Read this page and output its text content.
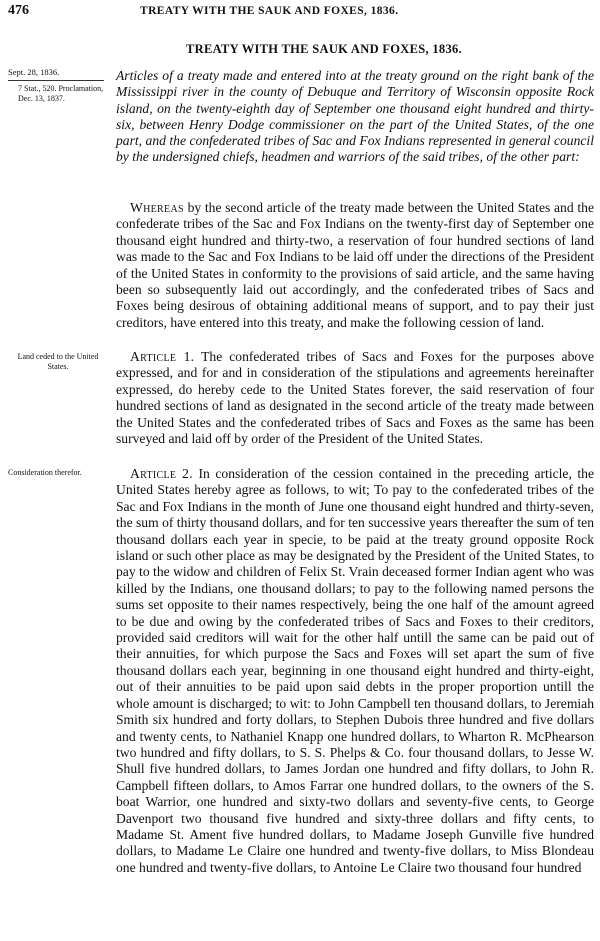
476	TREATY WITH THE SAUK AND FOXES, 1836.
TREATY WITH THE SAUK AND FOXES, 1836.
Sept. 28, 1836.
7 Stat., 520. Proclamation, Dec. 13, 1837.
Land ceded to the United States.
Consideration therefor.

Articles of a treaty made and entered into at the treaty ground on the right bank of the Mississippi river in the county of Debuque and Territory of Wisconsin opposite Rock island, on the twenty-eighth day of September one thousand eight hundred and thirty-six, between Henry Dodge commissioner on the part of the United States, of the one part, and the confederated tribes of Sac and Fox Indians represented in general council by the undersigned chiefs, headmen and warriors of the said tribes, of the other part:

Whereas by the second article of the treaty made between the United States and the confederate tribes of the Sac and Fox Indians on the twenty-first day of September one thousand eight hundred and thirty-two, a reservation of four hundred sections of land was made to the Sac and Fox Indians to be laid off under the directions of the President of the United States in conformity to the provisions of said article, and the same having been so subsequently laid out accordingly, and the confederated tribes of Sacs and Foxes being desirous of obtaining additional means of support, and to pay their just creditors, have entered into this treaty, and make the following cession of land.

Article 1. The confederated tribes of Sacs and Foxes for the purposes above expressed, and for and in consideration of the stipulations and agreements hereinafter expressed, do hereby cede to the United States forever, the said reservation of four hundred sections of land as designated in the second article of the treaty made between the United States and the confederated tribes of Sacs and Foxes as the same has been surveyed and laid off by order of the President of the United States.

Article 2. In consideration of the cession contained in the preceding article, the United States hereby agree as follows, to wit; To pay to the confederated tribes of the Sac and Fox Indians in the month of June one thousand eight hundred and thirty-seven, the sum of thirty thousand dollars, and for ten successive years thereafter the sum of ten thousand dollars each year in specie, to be paid at the treaty ground opposite Rock island or such other place as may be designated by the President of the United States, to pay to the widow and children of Felix St. Vrain deceased former Indian agent who was killed by the Indians, one thousand dollars; to pay to the following named persons the sums set opposite to their names respectively, being the one half of the amount agreed to be due and owing by the confederated tribes of Sacs and Foxes to their creditors, provided said creditors will wait for the other half untill the same can be paid out of their annuities, for which purpose the Sacs and Foxes will set apart the sum of five thousand dollars each year, beginning in one thousand eight hundred and thirty-eight, out of their annuities to be paid upon said debts in the proper proportion untill the whole amount is discharged; to wit: to John Campbell ten thousand dollars, to Jeremiah Smith six hundred and forty dollars, to Stephen Dubois three hundred and five dollars and twenty cents, to Nathaniel Knapp one hundred dollars, to Wharton R. McPhearson two hundred and fifty dollars, to S. S. Phelps & Co. four thousand dollars, to Jesse W. Shull five hundred dollars, to James Jordan one hundred and fifty dollars, to John R. Campbell fifteen dollars, to Amos Farrar one hundred dollars, to the owners of the S. boat Warrior, one hundred and sixty-two dollars and seventy-five cents, to George Davenport two thousand five hundred and sixty-three dollars and fifty cents, to Madame St. Ament five hundred dollars, to Madame Joseph Gunville five hundred dollars, to Madame Le Claire one hundred and twenty-five dollars, to Miss Blondeau one hundred and twenty-five dollars, to Antoine Le Claire two thousand four hundred
